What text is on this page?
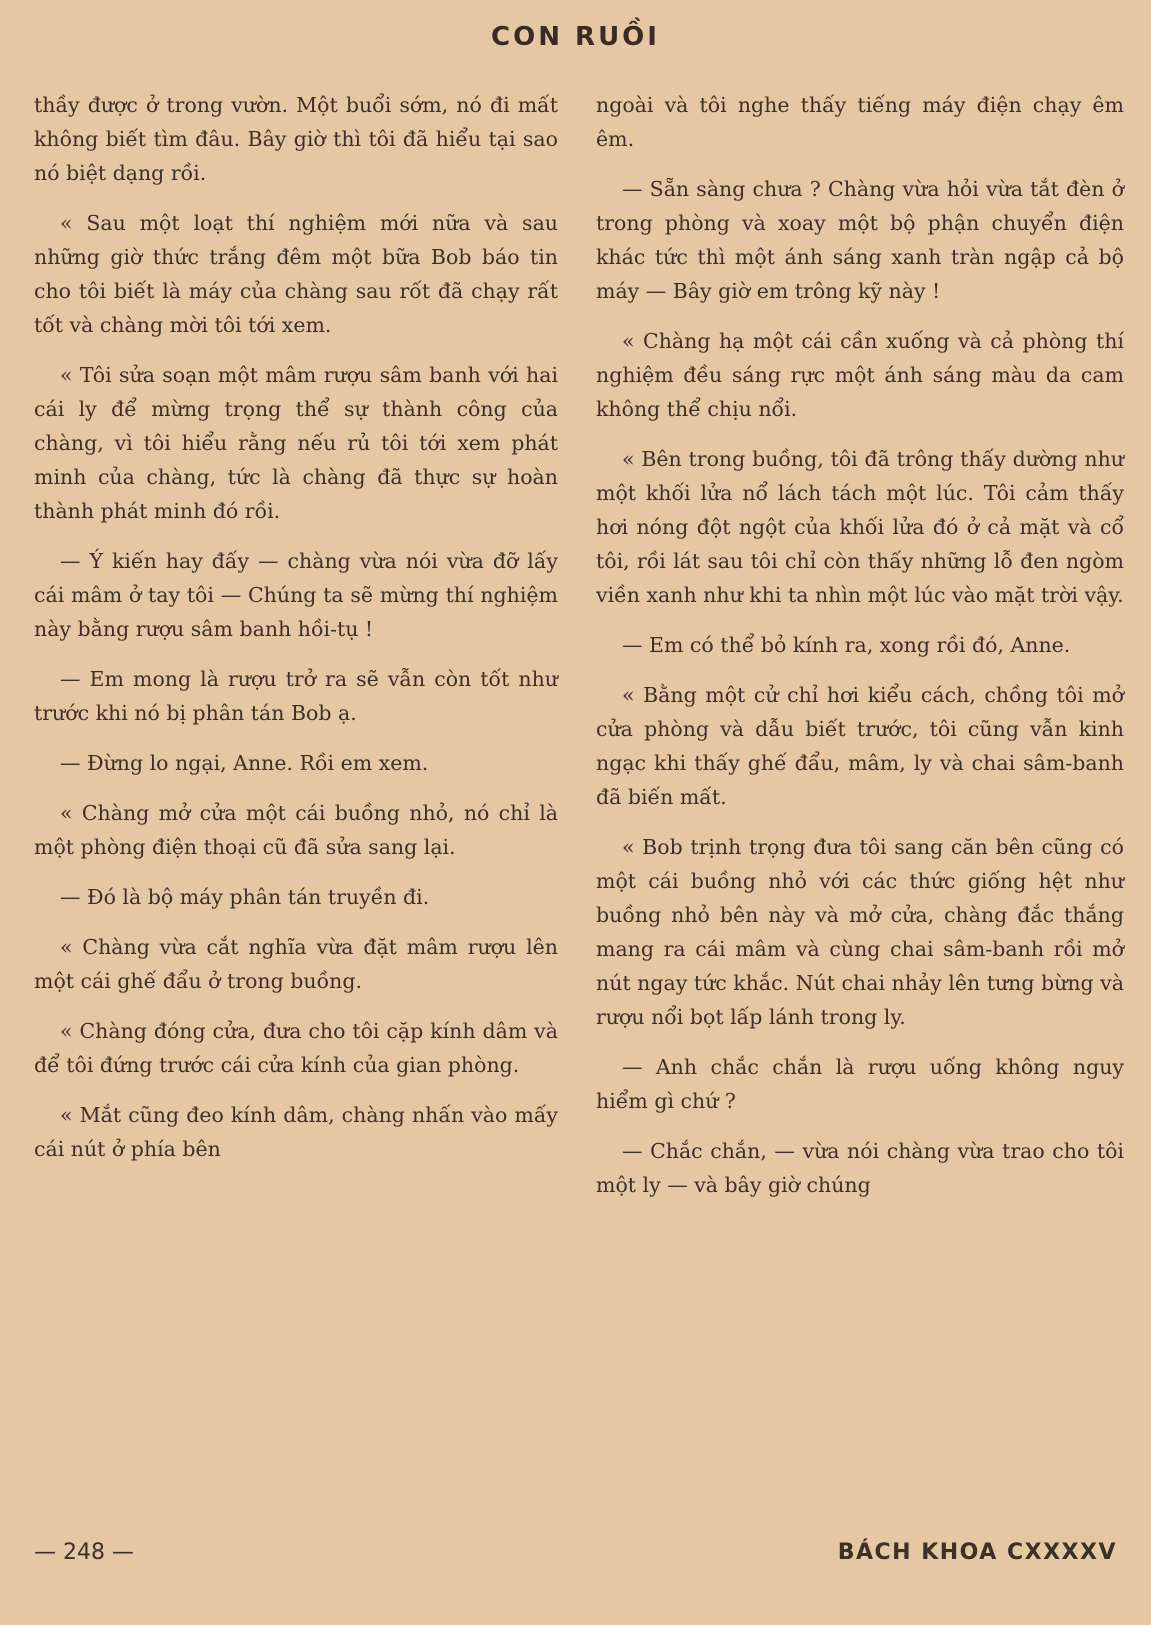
CON RUỒI

thầy được ở trong vườn. Một buổi sớm, nó đi mất không biết tìm đâu. Bây giờ thì tôi đã hiểu tại sao nó biệt dạng rồi.

« Sau một loạt thí nghiệm mới nữa và sau những giờ thức trắng đêm một bữa Bob báo tin cho tôi biết là máy của chàng sau rốt đã chạy rất tốt và chàng mời tôi tới xem.

« Tôi sửa soạn một mâm rượu sâm banh với hai cái ly để mừng trọng thể sự thành công của chàng, vì tôi hiểu rằng nếu rủ tôi tới xem phát minh của chàng, tức là chàng đã thực sự hoàn thành phát minh đó rồi.

— Ý kiến hay đấy — chàng vừa nói vừa đỡ lấy cái mâm ở tay tôi — Chúng ta sẽ mừng thí nghiệm này bằng rượu sâm banh hồi-tụ !

— Em mong là rượu trở ra sẽ vẫn còn tốt như trước khi nó bị phân tán Bob ạ.

— Đừng lo ngại, Anne. Rồi em xem.

« Chàng mở cửa một cái buồng nhỏ, nó chỉ là một phòng điện thoại cũ đã sửa sang lại.

— Đó là bộ máy phân tán truyền đi.

« Chàng vừa cắt nghĩa vừa đặt mâm rượu lên một cái ghế đẩu ở trong buồng.

« Chàng đóng cửa, đưa cho tôi cặp kính dâm và để tôi đứng trước cái cửa kính của gian phòng.

« Mắt cũng đeo kính dâm, chàng nhấn vào mấy cái nút ở phía bên

ngoài và tôi nghe thấy tiếng máy điện chạy êm êm.

— Sẵn sàng chưa ? Chàng vừa hỏi vừa tắt đèn ở trong phòng và xoay một bộ phận chuyển điện khác tức thì một ánh sáng xanh tràn ngập cả bộ máy — Bây giờ em trông kỹ này !

« Chàng hạ một cái cần xuống và cả phòng thí nghiệm đều sáng rực một ánh sáng màu da cam không thể chịu nổi.

« Bên trong buồng, tôi đã trông thấy dường như một khối lửa nổ lách tách một lúc. Tôi cảm thấy hơi nóng đột ngột của khối lửa đó ở cả mặt và cổ tôi, rồi lát sau tôi chỉ còn thấy những lỗ đen ngòm viền xanh như khi ta nhìn một lúc vào mặt trời vậy.

— Em có thể bỏ kính ra, xong rồi đó, Anne.

« Bằng một cử chỉ hơi kiểu cách, chồng tôi mở cửa phòng và dẫu biết trước, tôi cũng vẫn kinh ngạc khi thấy ghế đẩu, mâm, ly và chai sâm-banh đã biến mất.

« Bob trịnh trọng đưa tôi sang căn bên cũng có một cái buồng nhỏ với các thức giống hệt như buồng nhỏ bên này và mở cửa, chàng đắc thắng mang ra cái mâm và cùng chai sâm-banh rồi mở nút ngay tức khắc. Nút chai nhảy lên tưng bừng và rượu nổi bọt lấp lánh trong ly.

— Anh chắc chắn là rượu uống không nguy hiểm gì chứ ?

— Chắc chắn, — vừa nói chàng vừa trao cho tôi một ly — và bây giờ chúng

— 248 —	BÁCH KHOA CXXXXV
